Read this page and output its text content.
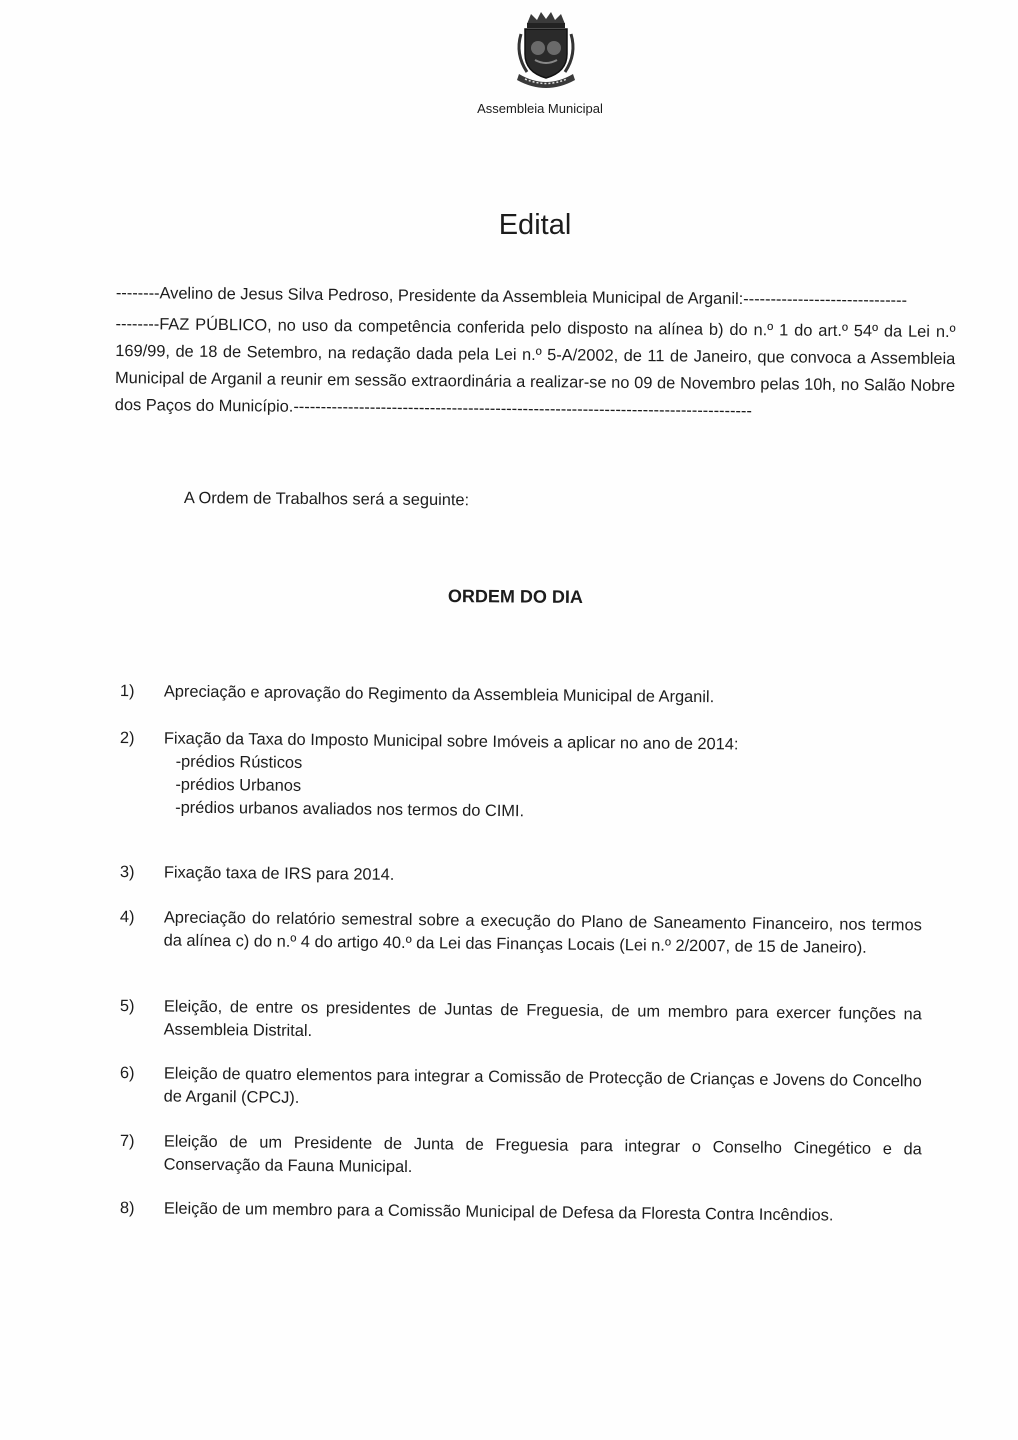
Assembleia Municipal
Edital

--------Avelino de Jesus Silva Pedroso, Presidente da Assembleia Municipal de Arganil:------------------------------

--------FAZ PÚBLICO, no uso da competência conferida pelo disposto na alínea b) do n.º 1 do art.º 54º da Lei n.º 169/99, de 18 de Setembro, na redação dada pela Lei n.º 5-A/2002, de 11 de Janeiro, que convoca a Assembleia Municipal de Arganil a reunir em sessão extraordinária a realizar-se no 09 de Novembro pelas 10h, no Salão Nobre dos Paços do Município.------------------------------------------------------------------------------------

A Ordem de Trabalhos será a seguinte:
ORDEM DO DIA
1)	Apreciação e aprovação do Regimento da Assembleia Municipal de Arganil.
2)	Fixação da Taxa do Imposto Municipal sobre Imóveis a aplicar no ano de 2014:
-prédios Rústicos
-prédios Urbanos
-prédios urbanos avaliados nos termos do CIMI.
3)	Fixação taxa de IRS para 2014.
4)	Apreciação do relatório semestral sobre a execução do Plano de Saneamento Financeiro, nos termos da alínea c) do n.º 4 do artigo 40.º da Lei das Finanças Locais (Lei n.º 2/2007, de 15 de Janeiro).
5)	Eleição, de entre os presidentes de Juntas de Freguesia, de um membro para exercer funções na Assembleia Distrital.
6)	Eleição de quatro elementos para integrar a Comissão de Protecção de Crianças e Jovens do Concelho de Arganil (CPCJ).
7)	Eleição de um Presidente de Junta de Freguesia para integrar o Conselho Cinegético e da Conservação da Fauna Municipal.
8)	Eleição de um membro para a Comissão Municipal de Defesa da Floresta Contra Incêndios.
